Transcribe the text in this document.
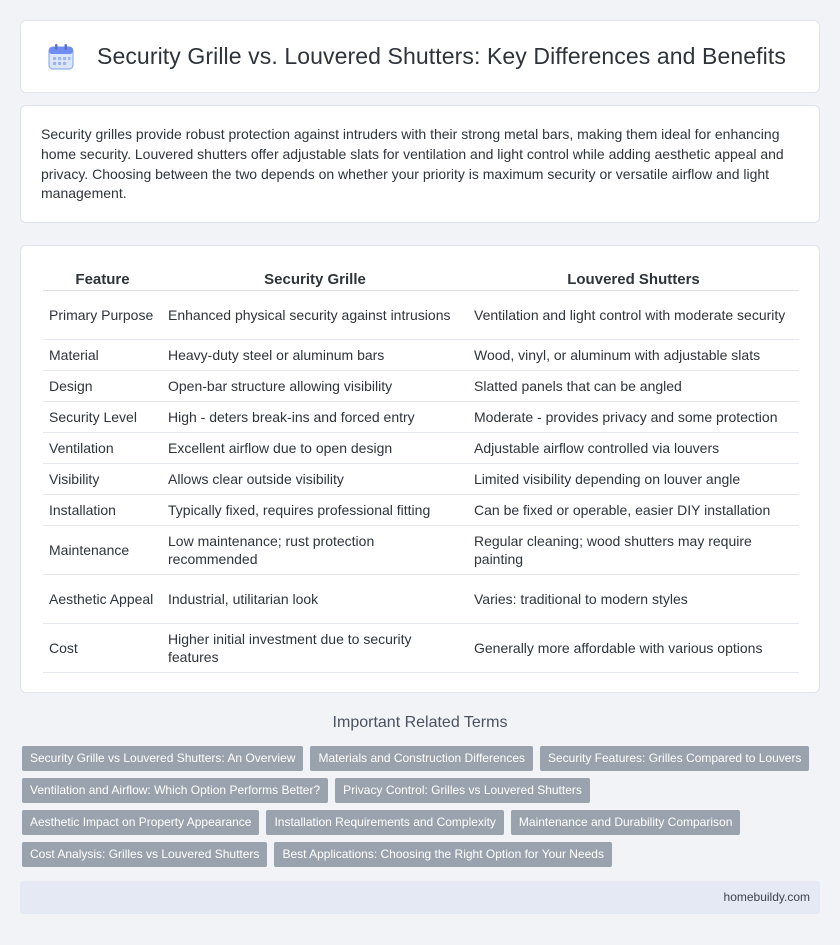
Security Grille vs. Louvered Shutters: Key Differences and Benefits

Security grilles provide robust protection against intruders with their strong metal bars, making them ideal for enhancing home security. Louvered shutters offer adjustable slats for ventilation and light control while adding aesthetic appeal and privacy. Choosing between the two depends on whether your priority is maximum security or versatile airflow and light management.

Feature	Security Grille	Louvered Shutters
Primary Purpose	Enhanced physical security against intrusions	Ventilation and light control with moderate security
Material	Heavy-duty steel or aluminum bars	Wood, vinyl, or aluminum with adjustable slats
Design	Open-bar structure allowing visibility	Slatted panels that can be angled
Security Level	High - deters break-ins and forced entry	Moderate - provides privacy and some protection
Ventilation	Excellent airflow due to open design	Adjustable airflow controlled via louvers
Visibility	Allows clear outside visibility	Limited visibility depending on louver angle
Installation	Typically fixed, requires professional fitting	Can be fixed or operable, easier DIY installation
Maintenance	Low maintenance; rust protection recommended	Regular cleaning; wood shutters may require painting
Aesthetic Appeal	Industrial, utilitarian look	Varies: traditional to modern styles
Cost	Higher initial investment due to security features	Generally more affordable with various options
Important Related Terms
Security Grille vs Louvered Shutters: An Overview	Materials and Construction Differences	Security Features: Grilles Compared to Louvers
Ventilation and Airflow: Which Option Performs Better?	Privacy Control: Grilles vs Louvered Shutters
Aesthetic Impact on Property Appearance	Installation Requirements and Complexity	Maintenance and Durability Comparison
Cost Analysis: Grilles vs Louvered Shutters	Best Applications: Choosing the Right Option for Your Needs
homebuildy.com
